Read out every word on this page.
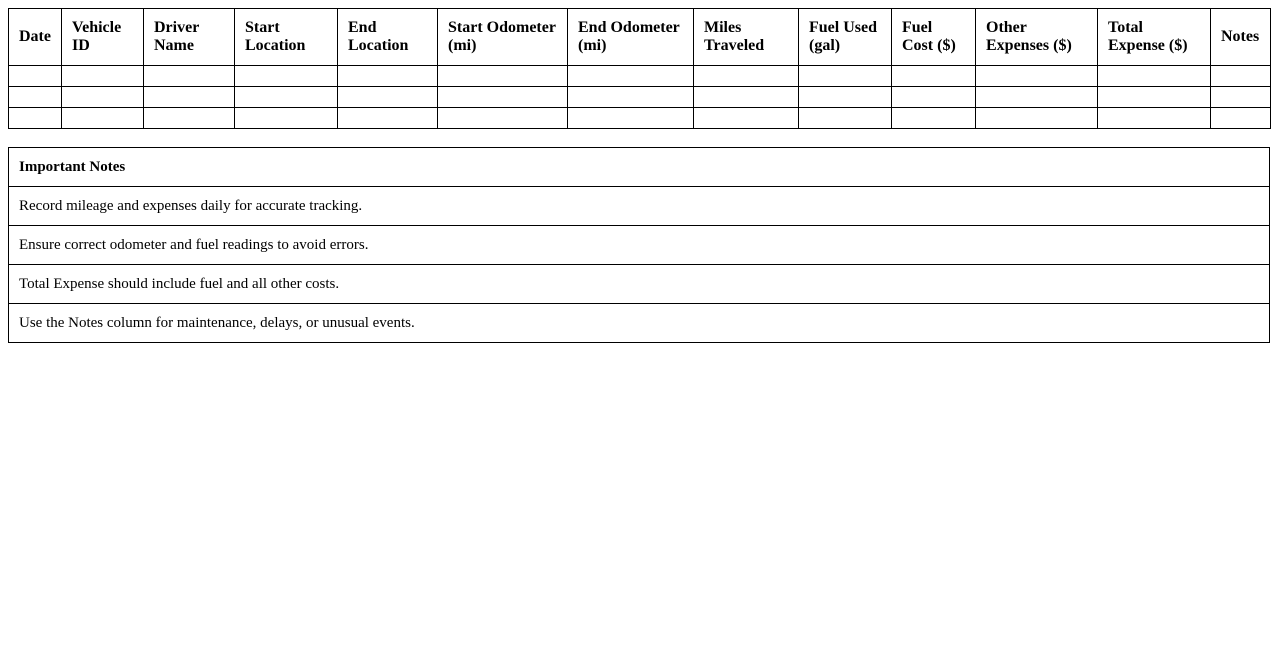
Date	Vehicle ID	Driver Name	Start Location	End Location	Start Odometer (mi)	End Odometer (mi)	Miles Traveled	Fuel Used (gal)	Fuel Cost ($)	Other Expenses ($)	Total Expense ($)	Notes

Important Notes
Record mileage and expenses daily for accurate tracking.
Ensure correct odometer and fuel readings to avoid errors.
Total Expense should include fuel and all other costs.
Use the Notes column for maintenance, delays, or unusual events.
